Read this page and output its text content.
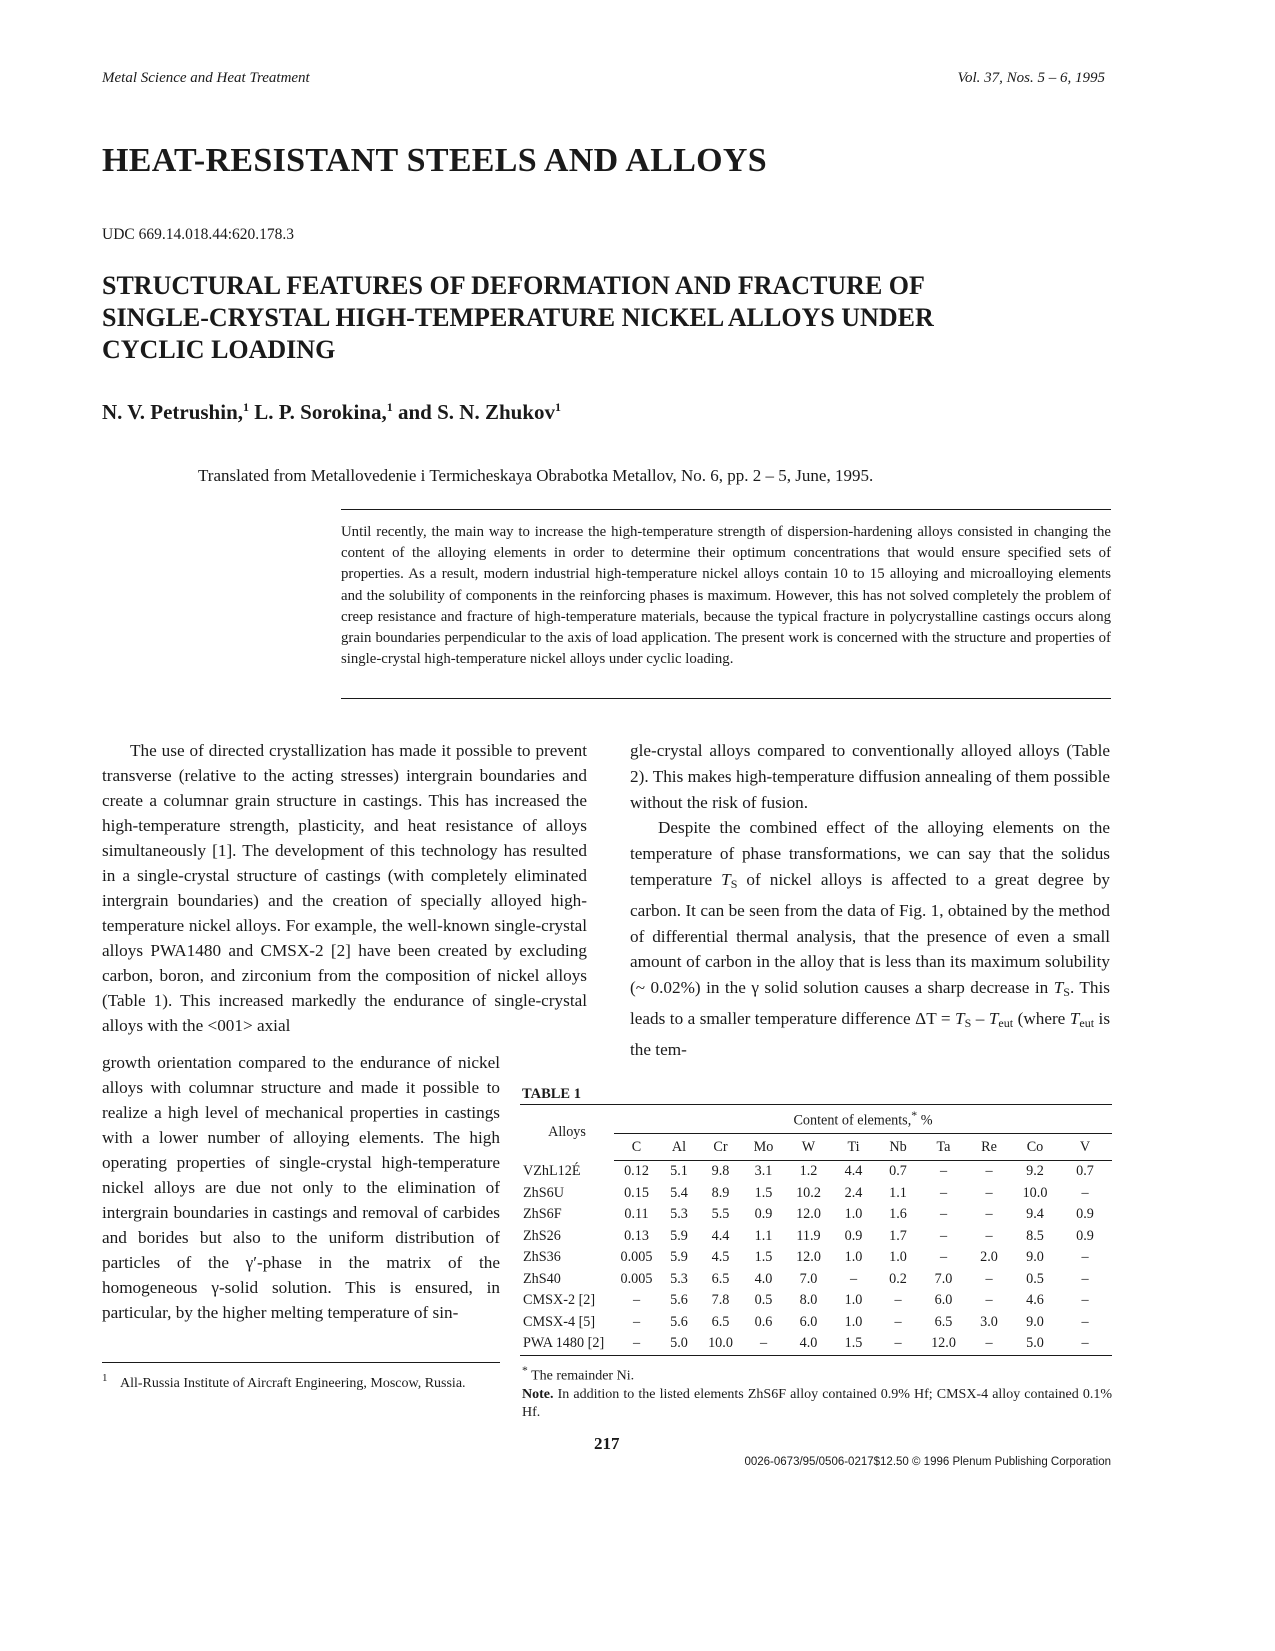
Metal Science and Heat Treatment	Vol. 37, Nos. 5 – 6, 1995
HEAT-RESISTANT STEELS AND ALLOYS
UDC 669.14.018.44:620.178.3
STRUCTURAL FEATURES OF DEFORMATION AND FRACTURE OF SINGLE-CRYSTAL HIGH-TEMPERATURE NICKEL ALLOYS UNDER CYCLIC LOADING
N. V. Petrushin,$^1$ L. P. Sorokina,$^1$ and S. N. Zhukov$^1$
Translated from Metallovedenie i Termicheskaya Obrabotka Metallov, No. 6, pp. 2 – 5, June, 1995.
Until recently, the main way to increase the high-temperature strength of dispersion-hardening alloys consisted in changing the content of the alloying elements in order to determine their optimum concentrations that would ensure specified sets of properties. As a result, modern industrial high-temperature nickel alloys contain 10 to 15 alloying and microalloying elements and the solubility of components in the reinforcing phases is maximum. However, this has not solved completely the problem of creep resistance and fracture of high-temperature materials, because the typical fracture in polycrystalline castings occurs along grain boundaries perpendicular to the axis of load application. The present work is concerned with the structure and properties of single-crystal high-temperature nickel alloys under cyclic loading.

The use of directed crystallization has made it possible to prevent transverse (relative to the acting stresses) intergrain boundaries and create a columnar grain structure in castings. This has increased the high-temperature strength, plasticity, and heat resistance of alloys simultaneously [1]. The development of this technology has resulted in a single-crystal structure of castings (with completely eliminated intergrain boundaries) and the creation of specially alloyed high-temperature nickel alloys. For example, the well-known single-crystal alloys PWA1480 and CMSX-2 [2] have been created by excluding carbon, boron, and zirconium from the composition of nickel alloys (Table 1). This increased markedly the endurance of single-crystal alloys with the <001> axial

growth orientation compared to the endurance of nickel alloys with columnar structure and made it possible to realize a high level of mechanical properties in castings with a lower number of alloying elements. The high operating properties of single-crystal high-temperature nickel alloys are due not only to the elimination of intergrain boundaries in castings and removal of carbides and borides but also to the uniform distribution of particles of the γ′-phase in the matrix of the homogeneous γ-solid solution. This is ensured, in particular, by the higher melting temperature of sin-

gle-crystal alloys compared to conventionally alloyed alloys (Table 2). This makes high-temperature diffusion annealing of them possible without the risk of fusion.

Despite the combined effect of the alloying elements on the temperature of phase transformations, we can say that the solidus temperature $T_S$ of nickel alloys is affected to a great degree by carbon. It can be seen from the data of Fig. 1, obtained by the method of differential thermal analysis, that the presence of even a small amount of carbon in the alloy that is less than its maximum solubility (~ 0.02%) in the γ solid solution causes a sharp decrease in $T_S$. This leads to a smaller temperature difference $\Delta T = T_S - T_{eut}$ (where $T_{eut}$ is the tem-

1 All-Russia Institute of Aircraft Engineering, Moscow, Russia.
TABLE 1
Alloys	Content of elements,* %										
	C	Al	Cr	Mo	W	Ti	Nb	Ta	Re	Co	V
VZhL12É	0.12	5.1	9.8	3.1	1.2	4.4	0.7	–	–	9.2	0.7
ZhS6U	0.15	5.4	8.9	1.5	10.2	2.4	1.1	–	–	10.0	–
ZhS6F	0.11	5.3	5.5	0.9	12.0	1.0	1.6	–	–	9.4	0.9
ZhS26	0.13	5.9	4.4	1.1	11.9	0.9	1.7	–	–	8.5	0.9
ZhS36	0.005	5.9	4.5	1.5	12.0	1.0	1.0	–	2.0	9.0	–
ZhS40	0.005	5.3	6.5	4.0	7.0	–	0.2	7.0	–	0.5	–
CMSX-2 [2]	–	5.6	7.8	0.5	8.0	1.0	–	6.0	–	4.6	–
CMSX-4 [5]	–	5.6	6.5	0.6	6.0	1.0	–	6.5	3.0	9.0	–
PWA 1480 [2]	–	5.0	10.0	–	4.0	1.5	–	12.0	–	5.0	–
* The remainder Ni.
Note. In addition to the listed elements ZhS6F alloy contained 0.9% Hf; CMSX-4 alloy contained 0.1% Hf.
217
0026-0673/95/0506-0217$12.50 © 1996 Plenum Publishing Corporation
